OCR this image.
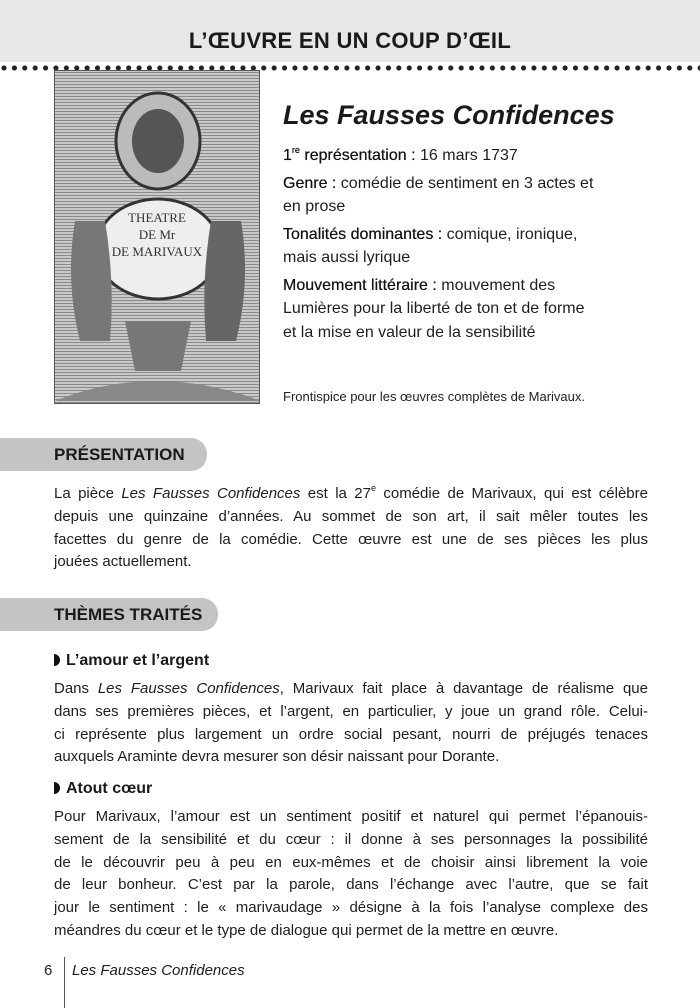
L’ŒUVRE EN UN COUP D’ŒIL
THEATRE
DE Mr
DE MARIVAUX
Les Fausses Confidences
1re représentation : 16 mars 1737
Genre : comédie de sentiment en 3 actes et
en prose
Tonalités dominantes : comique, ironique,
mais aussi lyrique
Mouvement littéraire : mouvement des
Lumières pour la liberté de ton et de forme
et la mise en valeur de la sensibilité
Frontispice pour les œuvres complètes de Marivaux.
PRÉSENTATION
La pièce Les Fausses Confidences est la 27e comédie de Marivaux, qui est célèbre
depuis une quinzaine d’années. Au sommet de son art, il sait mêler toutes les
facettes du genre de la comédie. Cette œuvre est une de ses pièces les plus
jouées actuellement.
THÈMES TRAITÉS
L’amour et l’argent
Dans Les Fausses Confidences, Marivaux fait place à davantage de réalisme que
dans ses premières pièces, et l’argent, en particulier, y joue un grand rôle. Celui-
ci représente plus largement un ordre social pesant, nourri de préjugés tenaces
auxquels Araminte devra mesurer son désir naissant pour Dorante.
Atout cœur
Pour Marivaux, l’amour est un sentiment positif et naturel qui permet l’épanouis-
sement de la sensibilité et du cœur : il donne à ses personnages la possibilité
de le découvrir peu à peu en eux-mêmes et de choisir ainsi librement la voie
de leur bonheur. C’est par la parole, dans l’échange avec l’autre, que se fait
jour le sentiment : le « marivaudage » désigne à la fois l’analyse complexe des
méandres du cœur et le type de dialogue qui permet de la mettre en œuvre.
6 Les Fausses Confidences
